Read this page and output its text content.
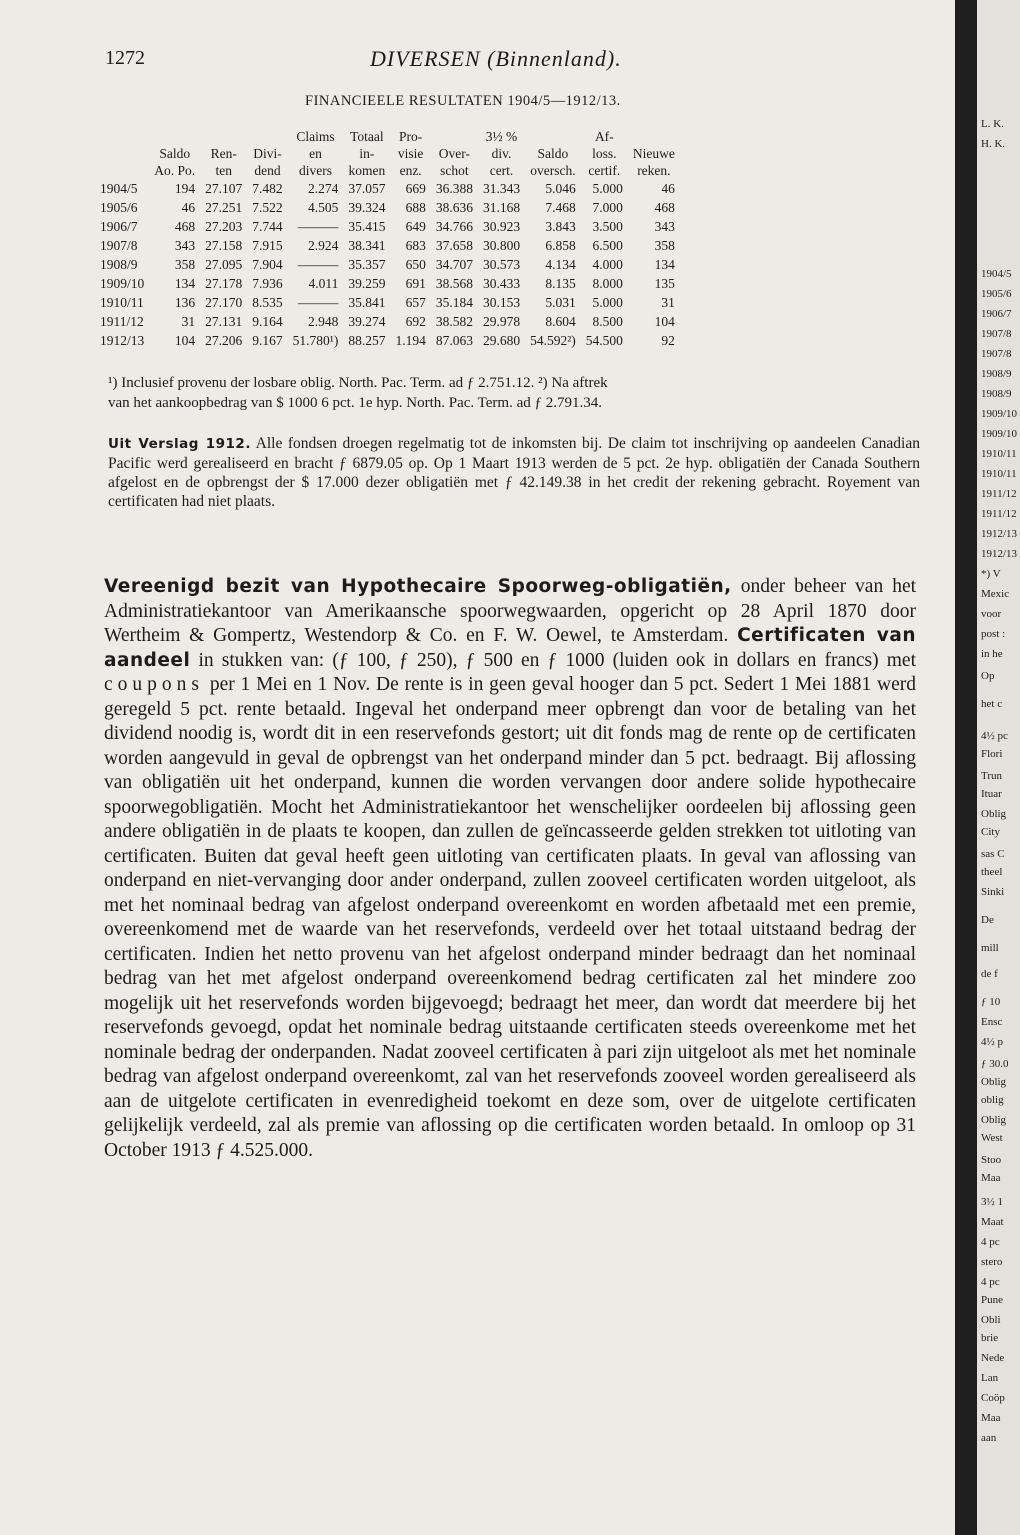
1272	DIVERSEN (Binnenland).
FINANCIEELE RESULTATEN 1904/5—1912/13.
				Claims	Totaal	Pro-		3½ %		Af-	
	Saldo	Ren-	Divi-	en	in-	visie	Over-	div.	Saldo	loss.	Nieuwe
	Ao. Po.	ten	dend	divers	komen	enz.	schot	cert.	oversch.	certif.	reken.
1904/5	194	27.107	7.482	2.274	37.057	669	36.388	31.343	5.046	5.000	46
1905/6	46	27.251	7.522	4.505	39.324	688	38.636	31.168	7.468	7.000	468
1906/7	468	27.203	7.744	———	35.415	649	34.766	30.923	3.843	3.500	343
1907/8	343	27.158	7.915	2.924	38.341	683	37.658	30.800	6.858	6.500	358
1908/9	358	27.095	7.904	———	35.357	650	34.707	30.573	4.134	4.000	134
1909/10	134	27.178	7.936	4.011	39.259	691	38.568	30.433	8.135	8.000	135
1910/11	136	27.170	8.535	———	35.841	657	35.184	30.153	5.031	5.000	31
1911/12	31	27.131	9.164	2.948	39.274	692	38.582	29.978	8.604	8.500	104
1912/13	104	27.206	9.167	51.780¹)	88.257	1.194	87.063	29.680	54.592²)	54.500	92
¹) Inclusief provenu der losbare oblig. North. Pac. Term. ad ƒ 2.751.12. ²) Na aftrek
van het aankoopbedrag van $ 1000 6 pct. 1e hyp. North. Pac. Term. ad ƒ 2.791.34.
Uit Verslag 1912. Alle fondsen droegen regelmatig tot de inkomsten bij. De claim tot inschrijving op aandeelen Canadian Pacific werd gerealiseerd en bracht ƒ 6879.05 op. Op 1 Maart 1913 werden de 5 pct. 2e hyp. obligatiën der Canada Southern afgelost en de opbrengst der $ 17.000 dezer obligatiën met ƒ 42.149.38 in het credit der rekening gebracht. Royement van certificaten had niet plaats.
Vereenigd bezit van Hypothecaire Spoorweg-obligatiën, onder beheer van het Administratiekantoor van Amerikaansche spoorwegwaarden, opgericht op 28 April 1870 door Wertheim & Gompertz, Westendorp & Co. en F. W. Oewel, te Amsterdam. Certificaten van aandeel in stukken van: (ƒ 100, ƒ 250), ƒ 500 en ƒ 1000 (luiden ook in dollars en francs) met coupons per 1 Mei en 1 Nov. De rente is in geen geval hooger dan 5 pct. Sedert 1 Mei 1881 werd geregeld 5 pct. rente betaald. Ingeval het onderpand meer opbrengt dan voor de betaling van het dividend noodig is, wordt dit in een reservefonds gestort; uit dit fonds mag de rente op de certificaten worden aangevuld in geval de opbrengst van het onderpand minder dan 5 pct. bedraagt. Bij aflossing van obligatiën uit het onderpand, kunnen die worden vervangen door andere solide hypothecaire spoorwegobligatiën. Mocht het Administratiekantoor het wenschelijker oordeelen bij aflossing geen andere obligatiën in de plaats te koopen, dan zullen de geïncasseerde gelden strekken tot uitloting van certificaten. Buiten dat geval heeft geen uitloting van certificaten plaats. In geval van aflossing van onderpand en niet-vervanging door ander onderpand, zullen zooveel certificaten worden uitgeloot, als met het nominaal bedrag van afgelost onderpand overeenkomt en worden afbetaald met een premie, overeenkomend met de waarde van het reservefonds, verdeeld over het totaal uitstaand bedrag der certificaten. Indien het netto provenu van het afgelost onderpand minder bedraagt dan het nominaal bedrag van het met afgelost onderpand overeenkomend bedrag certificaten zal het mindere zoo mogelijk uit het reservefonds worden bijgevoegd; bedraagt het meer, dan wordt dat meerdere bij het reservefonds gevoegd, opdat het nominale bedrag uitstaande certificaten steeds overeenkome met het nominale bedrag der onderpanden. Nadat zooveel certificaten à pari zijn uitgeloot als met het nominale bedrag van afgelost onderpand overeenkomt, zal van het reservefonds zooveel worden gerealiseerd als aan de uitgelote certificaten in evenredigheid toekomt en deze som, over de uitgelote certificaten gelijkelijk verdeeld, zal als premie van aflossing op die certificaten worden betaald. In omloop op 31 October 1913 ƒ 4.525.000.
L. K.
H. K.
1904/5
1905/6
1906/7
1907/8
1907/8
1908/9
1908/9
1909/10
1909/10
1910/11
1910/11
1911/12
1911/12
1912/13
1912/13
*) V
Mexic
voor
post :
in he
Op
het c
4½ pc
Flori
Trun
Ituar
Oblig
City
sas C
theel
Sinki
De
mill
de f
ƒ 10
Ensc
4½ p
ƒ 30.0
Oblig
oblig
Oblig
West
Stoo
Maa
3½ 1
Maat
4 pc
stero
4 pc
Pune
Obli
brie
Nede
Lan
Coöp
Maa
aan
